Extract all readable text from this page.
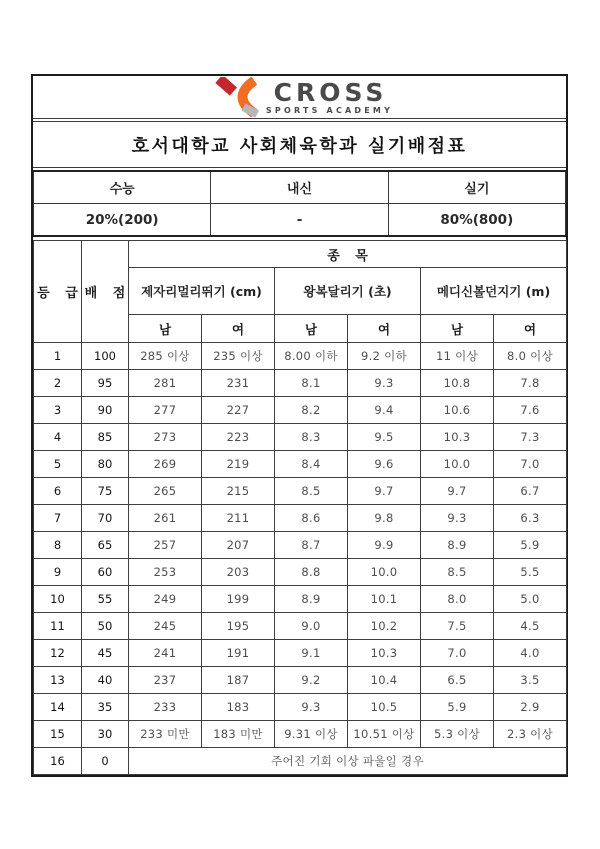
CROSS
SPORTS ACADEMY
호서대학교 사회체육학과 실기배점표
수능	내신	실기
20%(200)	-	80%(800)
등 급	배 점	종 목					
		제자리멀리뛰기 (cm)		왕복달리기 (초)		메디신볼던지기 (m)	
		남	여	남	여	남	여
1	100	285 이상	235 이상	8.00 이하	9.2 이하	11 이상	8.0 이상
2	95	281	231	8.1	9.3	10.8	7.8
3	90	277	227	8.2	9.4	10.6	7.6
4	85	273	223	8.3	9.5	10.3	7.3
5	80	269	219	8.4	9.6	10.0	7.0
6	75	265	215	8.5	9.7	9.7	6.7
7	70	261	211	8.6	9.8	9.3	6.3
8	65	257	207	8.7	9.9	8.9	5.9
9	60	253	203	8.8	10.0	8.5	5.5
10	55	249	199	8.9	10.1	8.0	5.0
11	50	245	195	9.0	10.2	7.5	4.5
12	45	241	191	9.1	10.3	7.0	4.0
13	40	237	187	9.2	10.4	6.5	3.5
14	35	233	183	9.3	10.5	5.9	2.9
15	30	233 미만	183 미만	9.31 이상	10.51 이상	5.3 이상	2.3 이상
16	0	주어진 기회 이상 파울일 경우					
